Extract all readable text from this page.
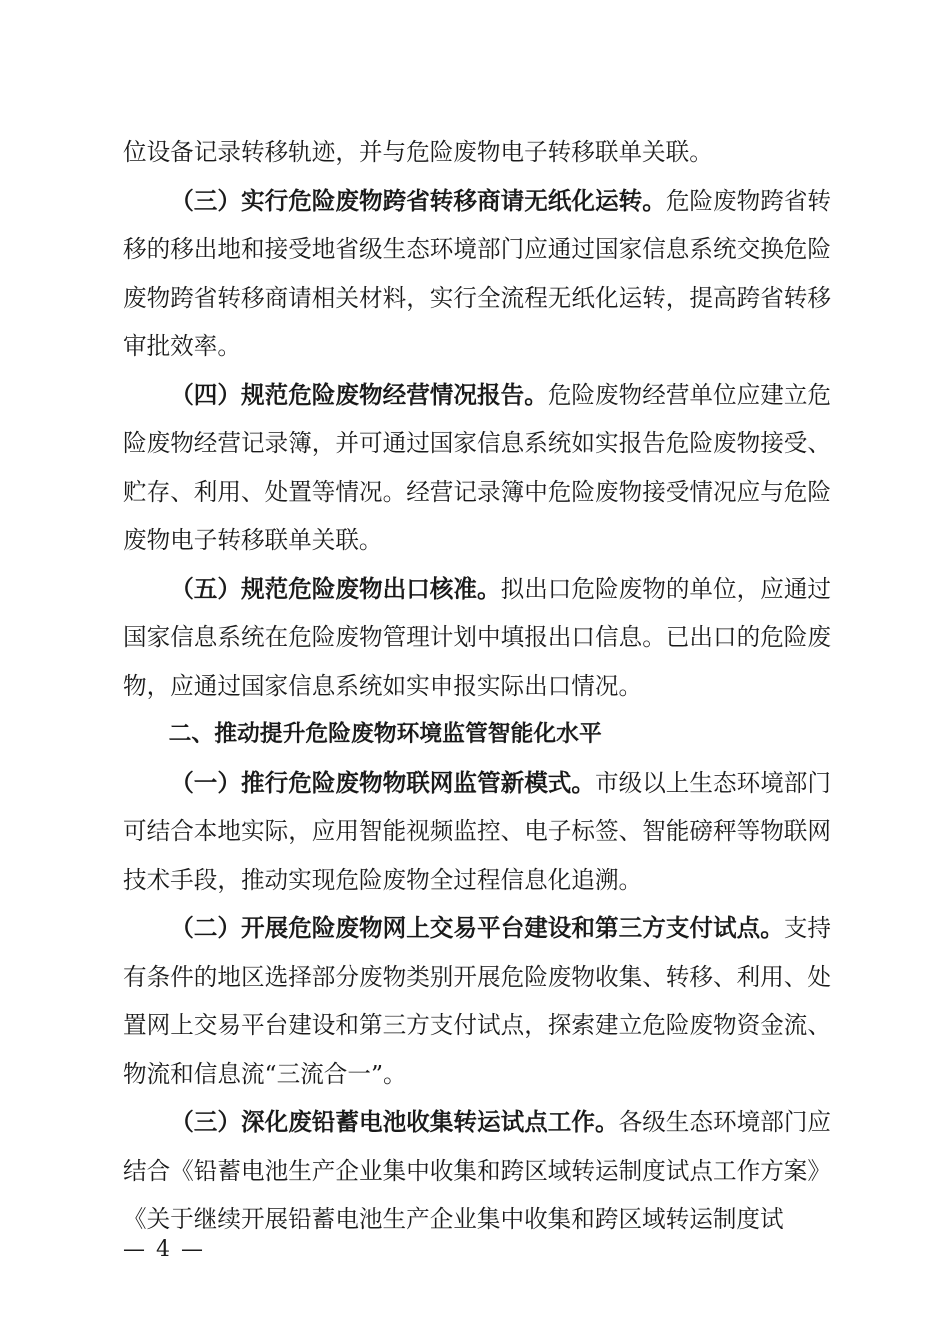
位设备记录转移轨迹，并与危险废物电子转移联单关联。

（三）实行危险废物跨省转移商请无纸化运转。危险废物跨省转移的移出地和接受地省级生态环境部门应通过国家信息系统交换危险废物跨省转移商请相关材料，实行全流程无纸化运转，提高跨省转移审批效率。

（四）规范危险废物经营情况报告。危险废物经营单位应建立危险废物经营记录簿，并可通过国家信息系统如实报告危险废物接受、贮存、利用、处置等情况。经营记录簿中危险废物接受情况应与危险废物电子转移联单关联。

（五）规范危险废物出口核准。拟出口危险废物的单位，应通过国家信息系统在危险废物管理计划中填报出口信息。已出口的危险废物，应通过国家信息系统如实申报实际出口情况。

二、推动提升危险废物环境监管智能化水平

（一）推行危险废物物联网监管新模式。市级以上生态环境部门可结合本地实际，应用智能视频监控、电子标签、智能磅秤等物联网技术手段，推动实现危险废物全过程信息化追溯。

（二）开展危险废物网上交易平台建设和第三方支付试点。支持有条件的地区选择部分废物类别开展危险废物收集、转移、利用、处置网上交易平台建设和第三方支付试点，探索建立危险废物资金流、物流和信息流“三流合一”。

（三）深化废铅蓄电池收集转运试点工作。各级生态环境部门应结合《铅蓄电池生产企业集中收集和跨区域转运制度试点工作方案》《关于继续开展铅蓄电池生产企业集中收集和跨区域转运制度试

— 4 —
